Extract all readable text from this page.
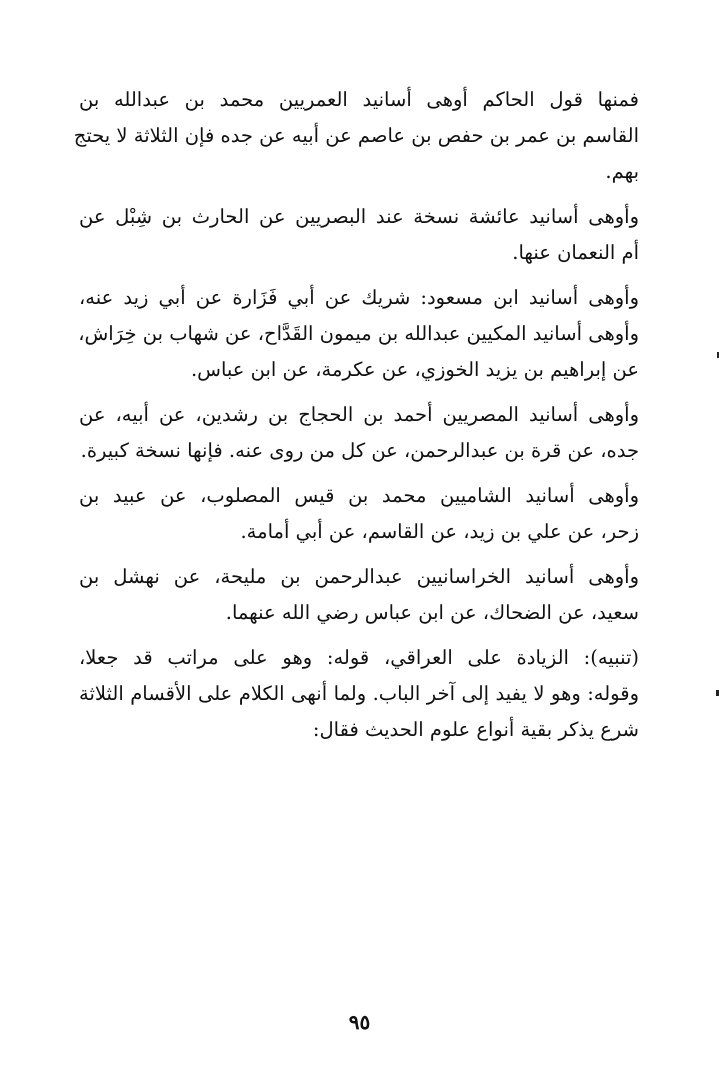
فمنها قول الحاكم أوهى أسانيد العمريين محمد بن عبدالله بن
القاسم بن عمر بن حفص بن عاصم عن أبيه عن جده فإن الثلاثة لا يحتج
بهم.

وأوهى أسانيد عائشة نسخة عند البصريين عن الحارث بن شِبْل عن
أم النعمان عنها.

وأوهى أسانيد ابن مسعود: شريك عن أبي فَزَارة عن أبي زيد عنه،
وأوهى أسانيد المكيين عبدالله بن ميمون القَدَّاح، عن شهاب بن خِرَاش،
عن إبراهيم بن يزيد الخوزي، عن عكرمة، عن ابن عباس.

وأوهى أسانيد المصريين أحمد بن الحجاج بن رشدين، عن أبيه، عن
جده، عن قرة بن عبدالرحمن، عن كل من روى عنه. فإنها نسخة كبيرة.

وأوهى أسانيد الشاميين محمد بن قيس المصلوب، عن عبيد بن
زحر، عن علي بن زيد، عن القاسم، عن أبي أمامة.

وأوهى أسانيد الخراسانيين عبدالرحمن بن مليحة، عن نهشل بن
سعيد، عن الضحاك، عن ابن عباس رضي الله عنهما.

(تنبيه): الزيادة على العراقي، قوله: وهو على مراتب قد جعلا،
وقوله: وهو لا يفيد إلى آخر الباب. ولما أنهى الكلام على الأقسام الثلاثة
شرع يذكر بقية أنواع علوم الحديث فقال:

٩٥
